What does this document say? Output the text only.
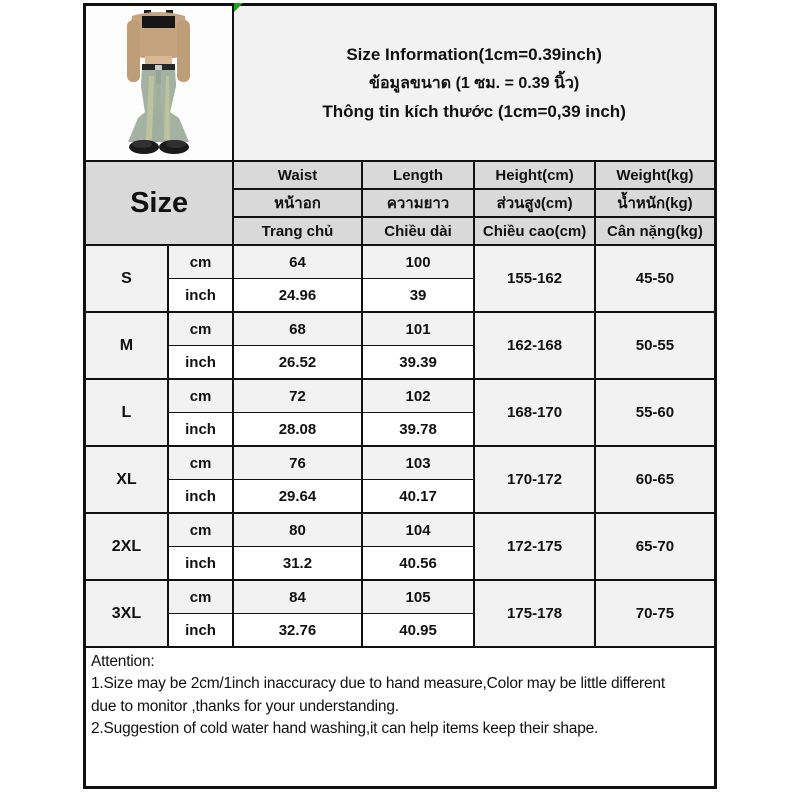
Size Information(1cm=0.39inch)
ข้อมูลขนาด (1 ซม. = 0.39 นิ้ว)
Thông tin kích thước (1cm=0,39 inch)			

Size		Waist	Length	Height(cm)	Weight(kg)
		หน้าอก	ความยาว	ส่วนสูง(cm)	น้ำหนัก(kg)
		Trang chủ	Chiều dài	Chiều cao(cm)	Cân nặng(kg)
S	cm	64	100	155-162	45-50
	inch	24.96	39		
M	cm	68	101	162-168	50-55
	inch	26.52	39.39		
L	cm	72	102	168-170	55-60
	inch	28.08	39.78		
XL	cm	76	103	170-172	60-65
	inch	29.64	40.17		
2XL	cm	80	104	172-175	65-70
	inch	31.2	40.56		
3XL	cm	84	105	175-178	70-75
	inch	32.76	40.95		

Attention:
1.Size may be 2cm/1inch inaccuracy due to hand measure,Color may be little different
due to monitor ,thanks for your understanding.
2.Suggestion of cold water hand washing,it can help items keep their shape.					
